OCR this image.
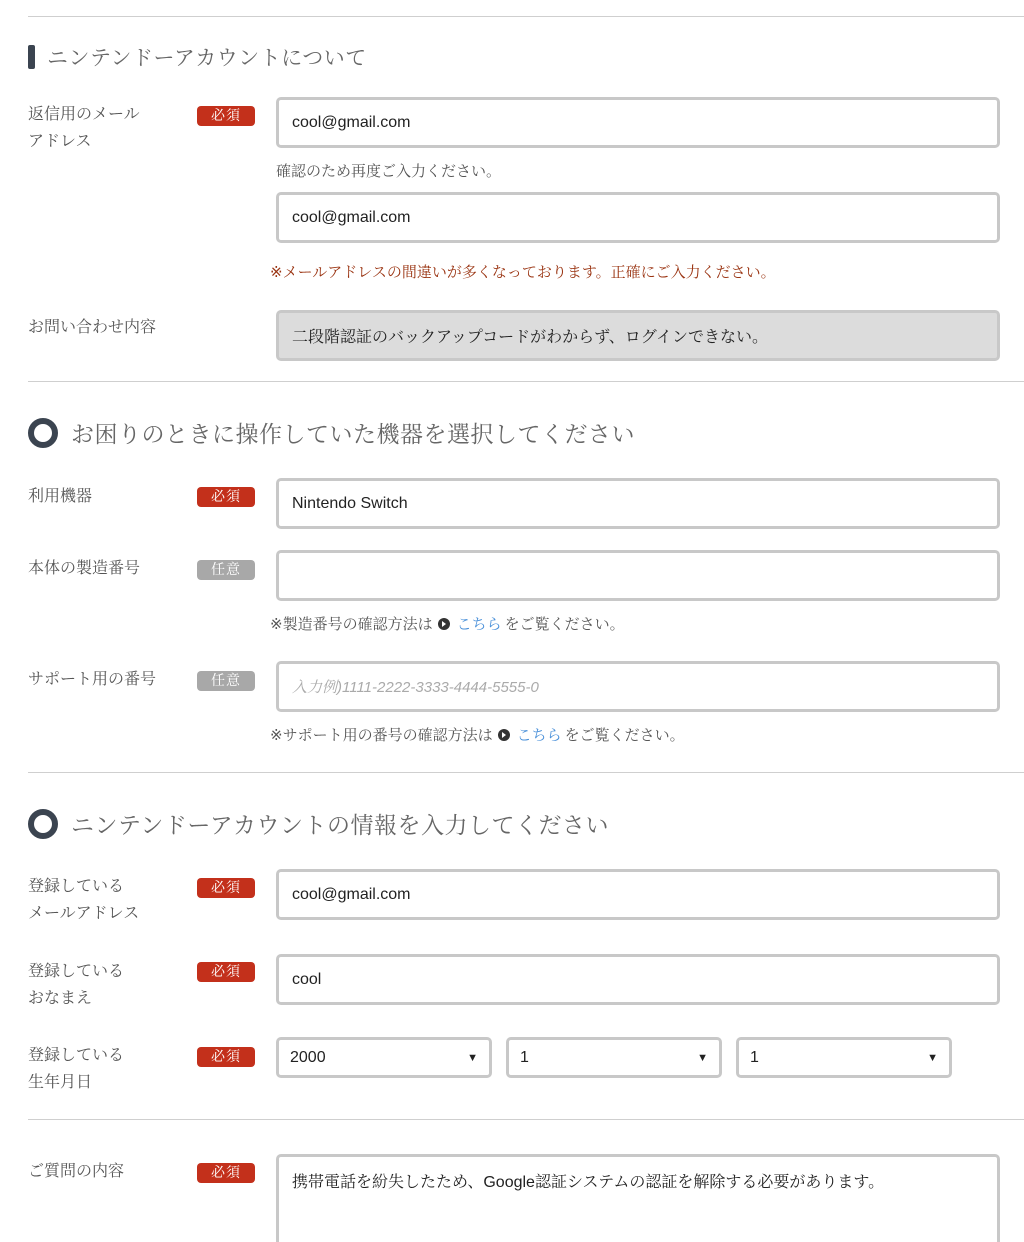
ニンテンドーアカウントについて
返信用のメール
アドレス
必須	cool@gmail.com
確認のため再度ご入力ください。
cool@gmail.com
※メールアドレスの間違いが多くなっております。正確にご入力ください。
お問い合わせ内容
二段階認証のバックアップコードがわからず、ログインできない。
お困りのときに操作していた機器を選択してください
利用機器	必須	Nintendo Switch
本体の製造番号	任意
※製造番号の確認方法は こちら をご覧ください。
サポート用の番号	任意	入力例)1111-2222-3333-4444-5555-0
※サポート用の番号の確認方法は こちら をご覧ください。
ニンテンドーアカウントの情報を入力してください
登録している
メールアドレス
必須	cool@gmail.com
登録している
おなまえ
必須	cool
登録している
生年月日
必須	2000	▼	1	▼	1	▼
ご質問の内容	必須
携帯電話を紛失したため、Google認証システムの認証を解除する必要があります。
